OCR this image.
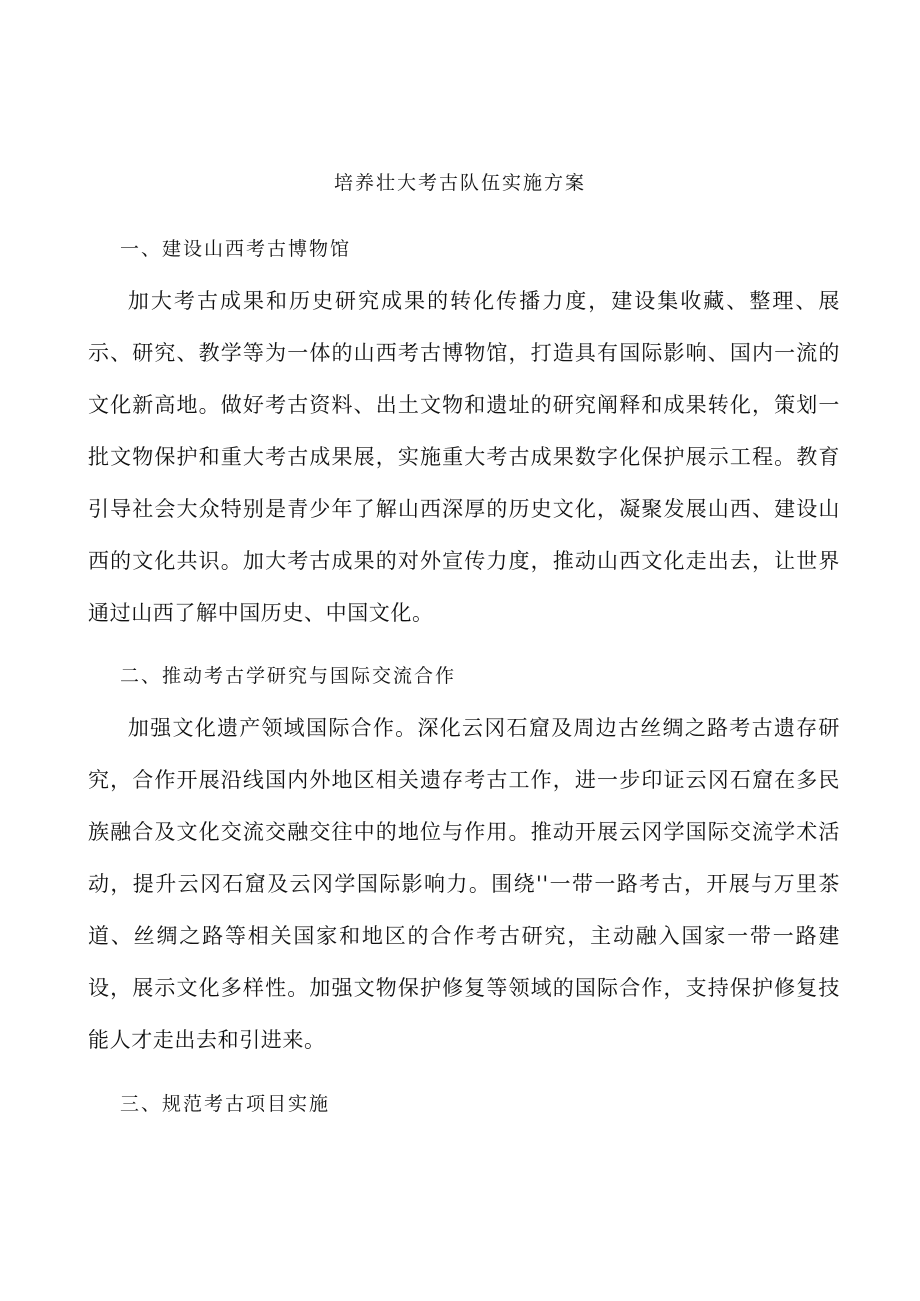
培养壮大考古队伍实施方案
一、建设山西考古博物馆

加大考古成果和历史研究成果的转化传播力度，建设集收藏、整理、展示、研究、教学等为一体的山西考古博物馆，打造具有国际影响、国内一流的文化新高地。做好考古资料、出土文物和遗址的研究阐释和成果转化，策划一批文物保护和重大考古成果展，实施重大考古成果数字化保护展示工程。教育引导社会大众特别是青少年了解山西深厚的历史文化，凝聚发展山西、建设山西的文化共识。加大考古成果的对外宣传力度，推动山西文化走出去，让世界通过山西了解中国历史、中国文化。

二、推动考古学研究与国际交流合作

加强文化遗产领域国际合作。深化云冈石窟及周边古丝绸之路考古遗存研究，合作开展沿线国内外地区相关遗存考古工作，进一步印证云冈石窟在多民族融合及文化交流交融交往中的地位与作用。推动开展云冈学国际交流学术活动，提升云冈石窟及云冈学国际影响力。围绕''一带一路考古，开展与万里茶道、丝绸之路等相关国家和地区的合作考古研究，主动融入国家一带一路建设，展示文化多样性。加强文物保护修复等领域的国际合作，支持保护修复技能人才走出去和引进来。

三、规范考古项目实施
